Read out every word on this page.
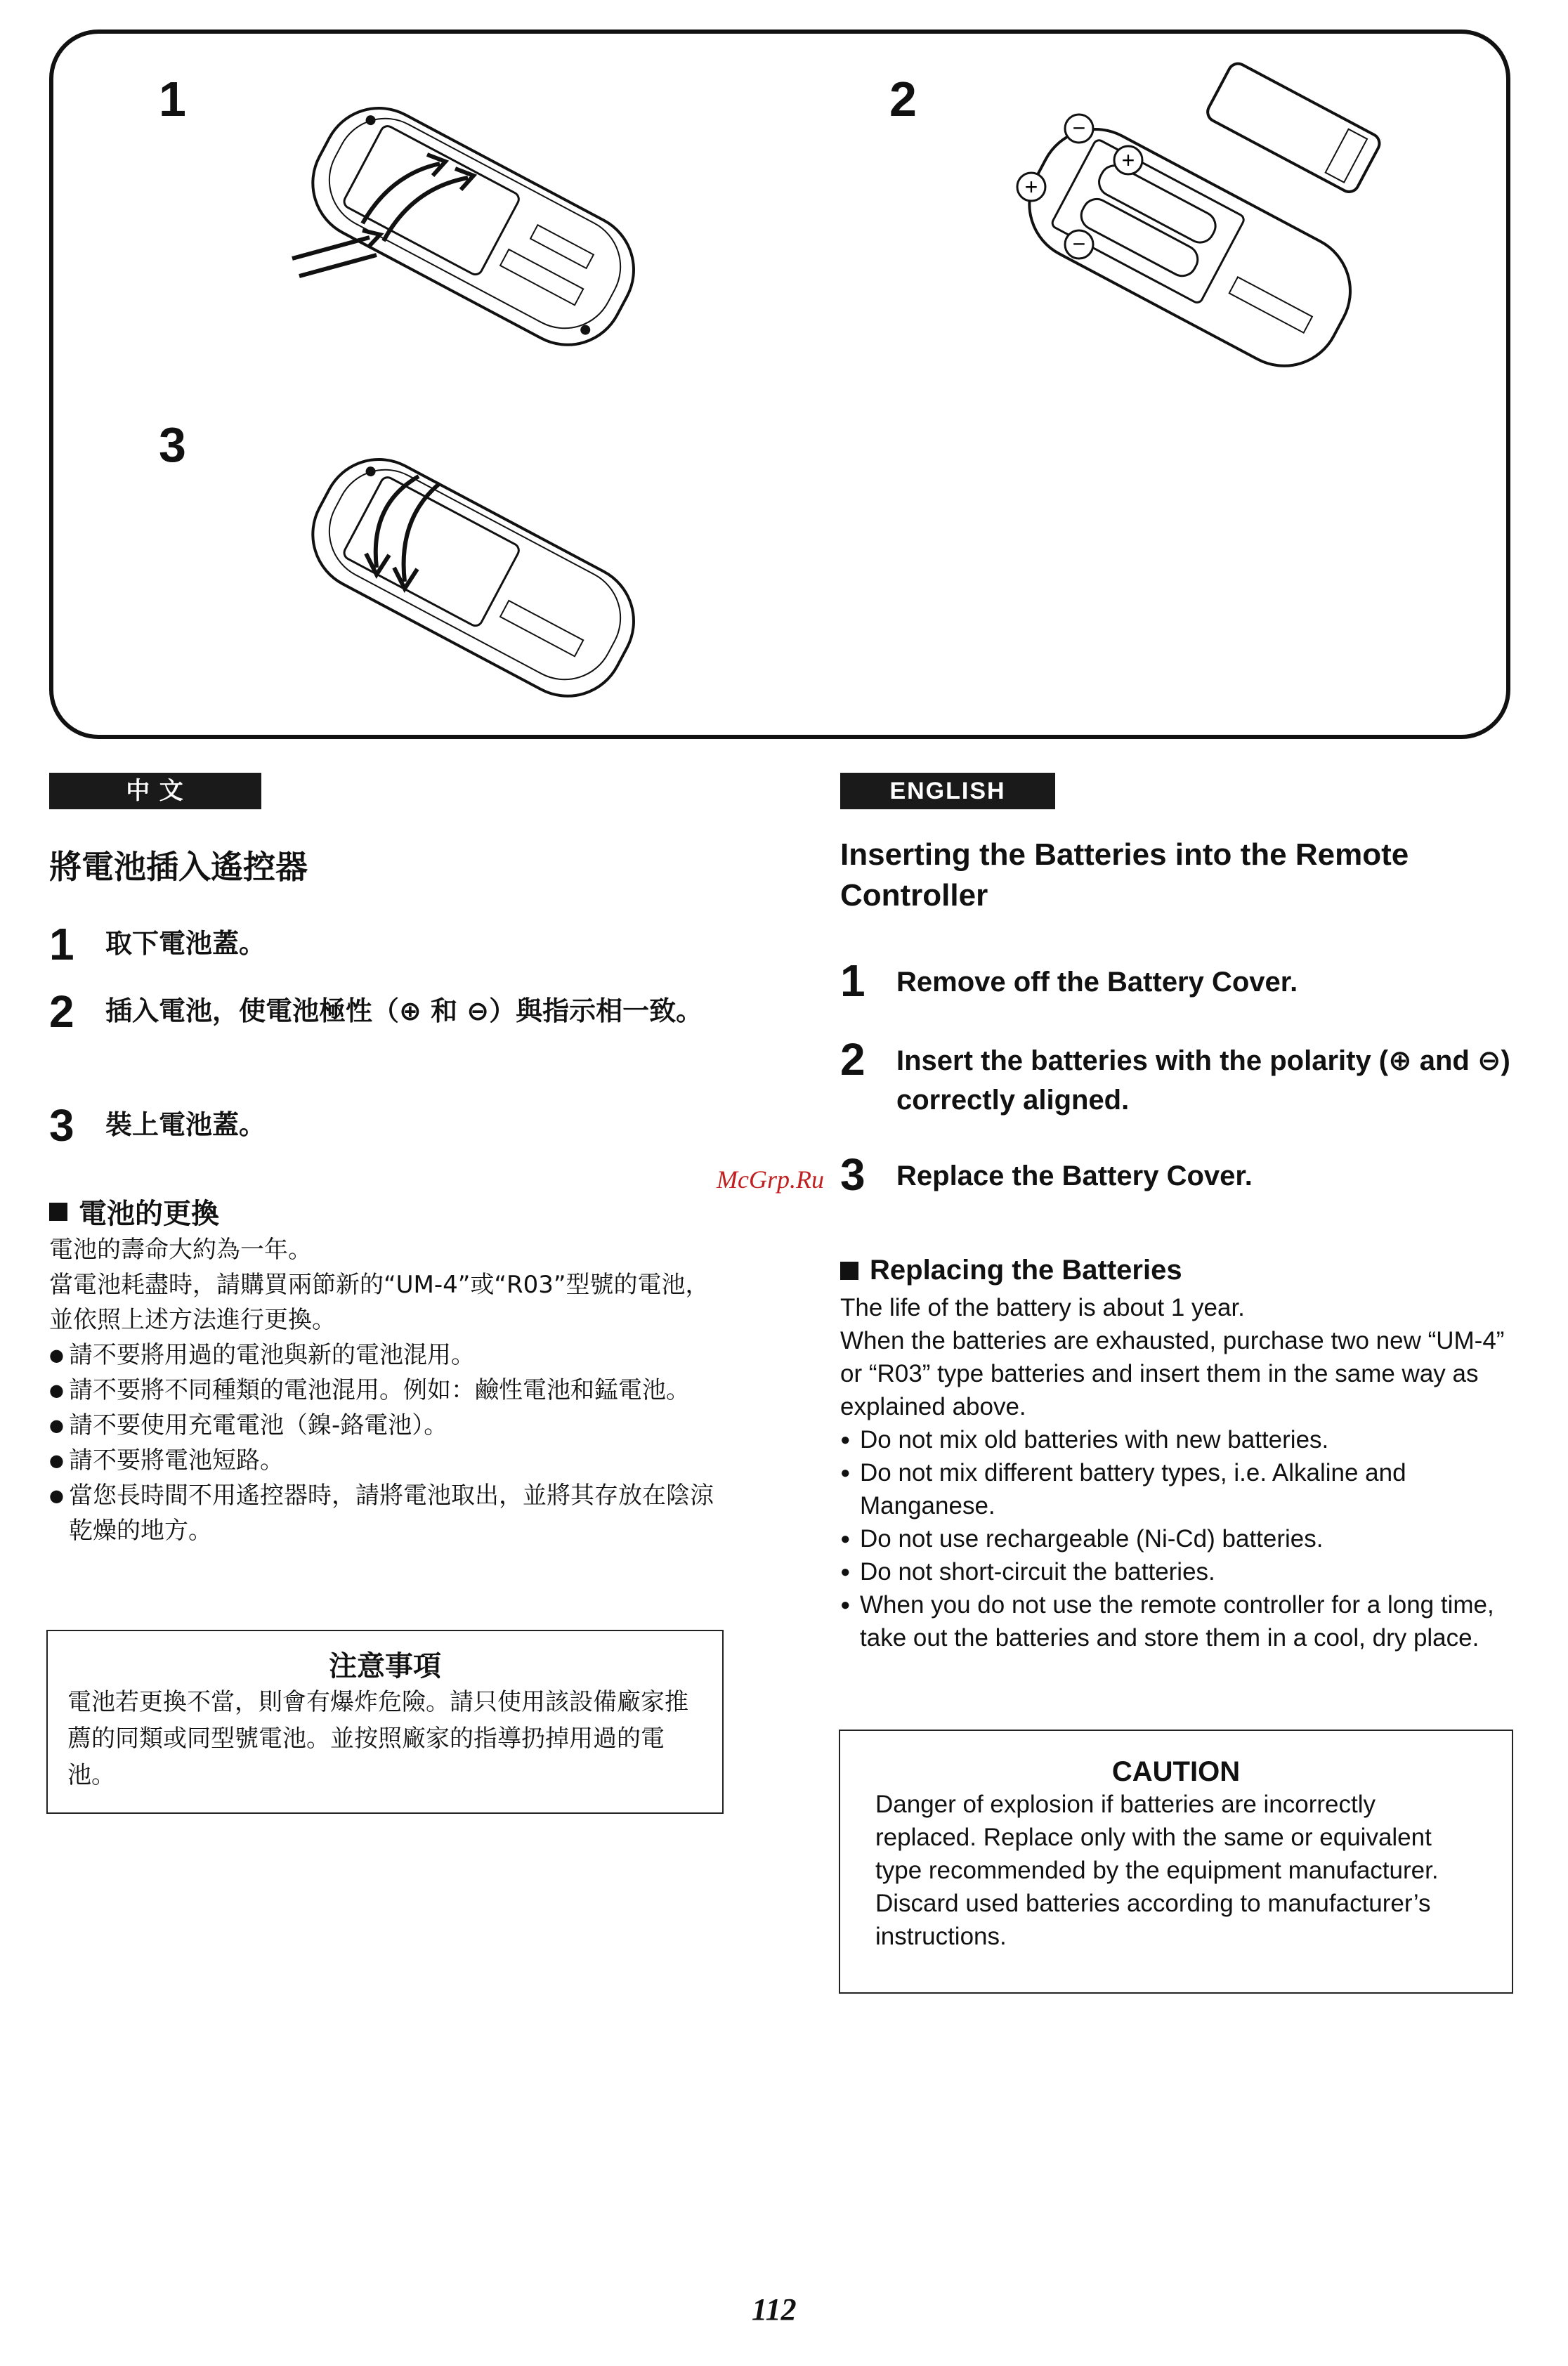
1	2
3
−
+
+
−
中 文
將電池插入遙控器
1	取下電池蓋。
2	插入電池，使電池極性（⊕ 和 ⊖）與指示相一致。
3	裝上電池蓋。
電池的更換

電池的壽命大約為一年。

當電池耗盡時，請購買兩節新的“UM-4”或“R03”型號的電池，並依照上述方法進行更換。

● 請不要將用過的電池與新的電池混用。
● 請不要將不同種類的電池混用。例如：鹼性電池和錳電池。
● 請不要使用充電電池（鎳-鉻電池）。
● 請不要將電池短路。
● 當您長時間不用遙控器時，請將電池取出，並將其存放在陰涼乾燥的地方。
注意事項
電池若更換不當，則會有爆炸危險。請只使用該設備廠家推薦的同類或同型號電池。並按照廠家的指導扔掉用過的電池。
ENGLISH
Inserting the Batteries into the Remote Controller
1	Remove off the Battery Cover.
2	Insert the batteries with the polarity (⊕ and ⊖) correctly aligned.
3	Replace the Battery Cover.
Replacing the Batteries

The life of the battery is about 1 year.

When the batteries are exhausted, purchase two new “UM-4” or “R03” type batteries and insert them in the same way as explained above.

● Do not mix old batteries with new batteries.
● Do not mix different battery types, i.e. Alkaline and Manganese.
● Do not use rechargeable (Ni-Cd) batteries.
● Do not short-circuit the batteries.
● When you do not use the remote controller for a long time, take out the batteries and store them in a cool, dry place.
CAUTION
Danger of explosion if batteries are incorrectly replaced. Replace only with the same or equivalent type recommended by the equipment manufacturer. Discard used batteries according to manufacturer’s instructions.
McGrp.Ru
112
